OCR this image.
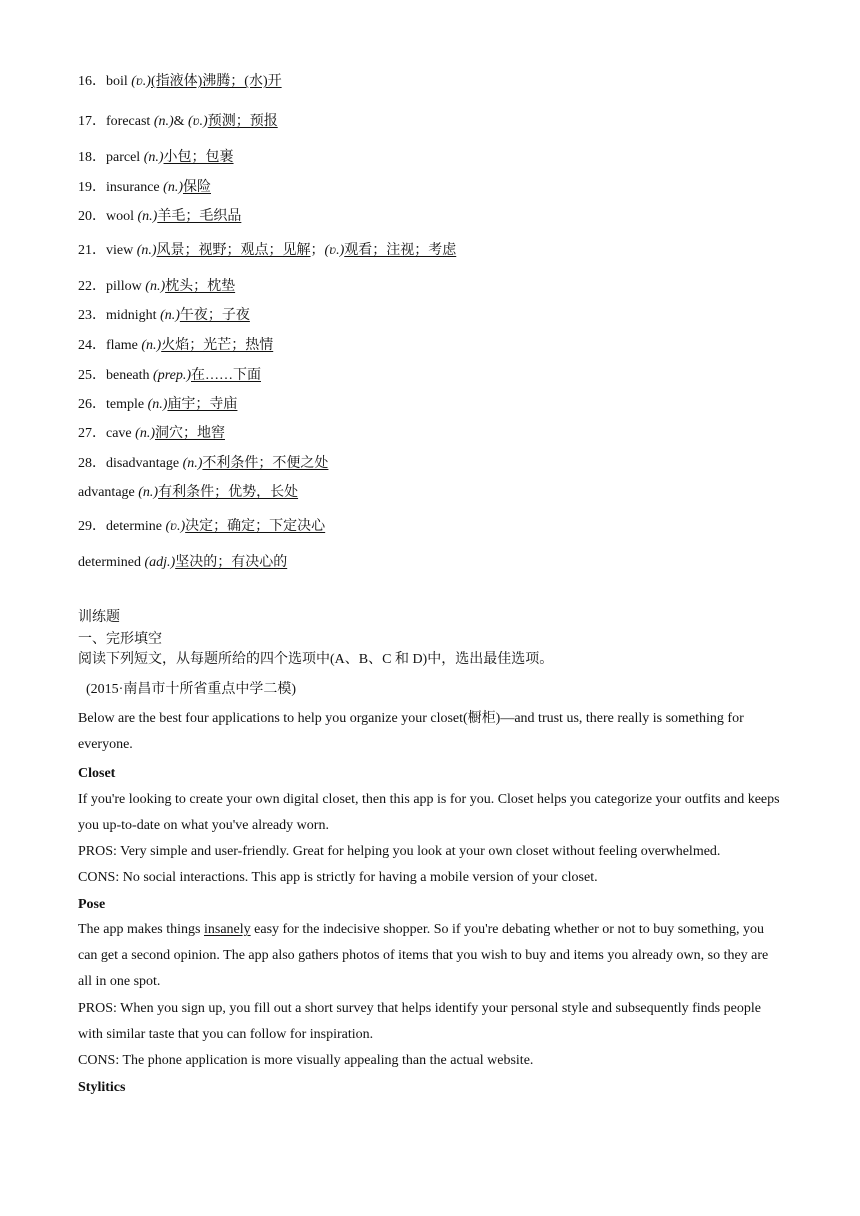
16．boil (ʋ.)(指液体)沸腾；(水)开
17．forecast (n.)& (ʋ.)预测；预报
18．parcel (n.)小包；包裹
19．insurance (n.)保险
20．wool (n.)羊毛；毛织品
21．view (n.)风景；视野；观点；见解；(ʋ.)观看；注视；考虑
22．pillow (n.)枕头；枕垫
23．midnight (n.)午夜；子夜
24．flame (n.)火焰；光芒；热情
25．beneath (prep.)在……下面
26．temple (n.)庙宇；寺庙
27．cave (n.)洞穴；地窖
28．disadvantage (n.)不利条件；不便之处
advantage (n.)有利条件；优势，长处
29．determine (ʋ.)决定；确定；下定决心
determined (adj.)坚决的；有决心的
训练题
一、完形填空
阅读下列短文，从每题所给的四个选项中(A、B、C 和 D)中，选出最佳选项。
(2015·南昌市十所省重点中学二模)
Below are the best four applications to help you organize your closet(橱柜)—and trust us, there really is something for everyone.
Closet
If you're looking to create your own digital closet, then this app is for you. Closet helps you categorize your outfits and keeps you up-to-date on what you've already worn.
PROS: Very simple and user-friendly. Great for helping you look at your own closet without feeling overwhelmed.
CONS: No social interactions. This app is strictly for having a mobile version of your closet.
Pose
The app makes things insanely easy for the indecisive shopper. So if you're debating whether or not to buy something, you can get a second opinion. The app also gathers photos of items that you wish to buy and items you already own, so they are all in one spot.
PROS: When you sign up, you fill out a short survey that helps identify your personal style and subsequently finds people with similar taste that you can follow for inspiration.
CONS: The phone application is more visually appealing than the actual website.
Stylitics
